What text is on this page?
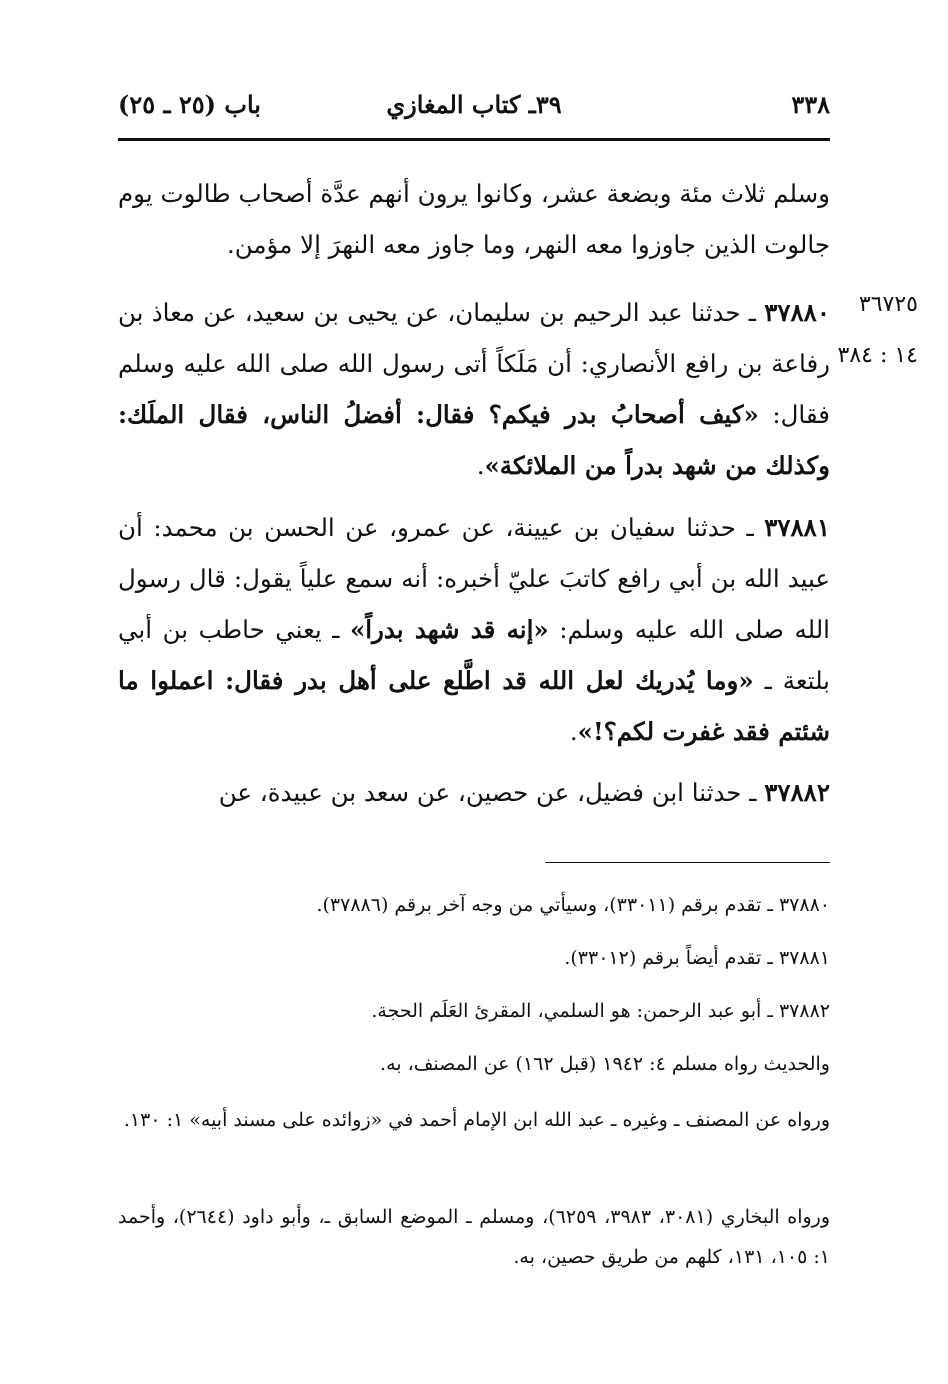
٣٣٨
٣٩ـ كتاب المغازي
باب (٢٥ ـ ٢٥)

وسلم ثلاث مئة وبضعة عشر، وكانوا يرون أنهم عدَّة أصحاب طالوت يوم جالوت الذين جاوزوا معه النهر، وما جاوز معه النهرَ إلا مؤمن.

٣٦٧٢٥
١٤ : ٣٨٤

٣٧٨٨٠ ـ حدثنا عبد الرحيم بن سليمان، عن يحيى بن سعيد، عن معاذ بن رفاعة بن رافع الأنصاري: أن مَلَكاً أتى رسول الله صلى الله عليه وسلم فقال: «كيف أصحابُ بدر فيكم؟ فقال: أفضلُ الناس، فقال الملَك: وكذلك من شهد بدراً من الملائكة».

٣٧٨٨١ ـ حدثنا سفيان بن عيينة، عن عمرو، عن الحسن بن محمد: أن عبيد الله بن أبي رافع كاتبَ عليّ أخبره: أنه سمع علياً يقول: قال رسول الله صلى الله عليه وسلم: «إنه قد شهد بدراً» ـ يعني حاطب بن أبي بلتعة ـ «وما يُدريك لعل الله قد اطَّلع على أهل بدر فقال: اعملوا ما شئتم فقد غفرت لكم؟!».

٣٧٨٨٢ ـ حدثنا ابن فضيل، عن حصين، عن سعد بن عبيدة، عن

٣٧٨٨٠ ـ تقدم برقم (٣٣٠١١)، وسيأتي من وجه آخر برقم (٣٧٨٨٦).

٣٧٨٨١ ـ تقدم أيضاً برقم (٣٣٠١٢).

٣٧٨٨٢ ـ أبو عبد الرحمن: هو السلمي، المقرئ العَلَم الحجة.

والحديث رواه مسلم ٤: ١٩٤٢ (قبل ١٦٢) عن المصنف، به.

ورواه عن المصنف ـ وغيره ـ عبد الله ابن الإمام أحمد في «زوائده على مسند أبيه» ١: ١٣٠.

ورواه البخاري (٣٠٨١، ٣٩٨٣، ٦٢٥٩)، ومسلم ـ الموضع السابق ـ، وأبو داود (٢٦٤٤)، وأحمد ١: ١٠٥، ١٣١، كلهم من طريق حصين، به.
